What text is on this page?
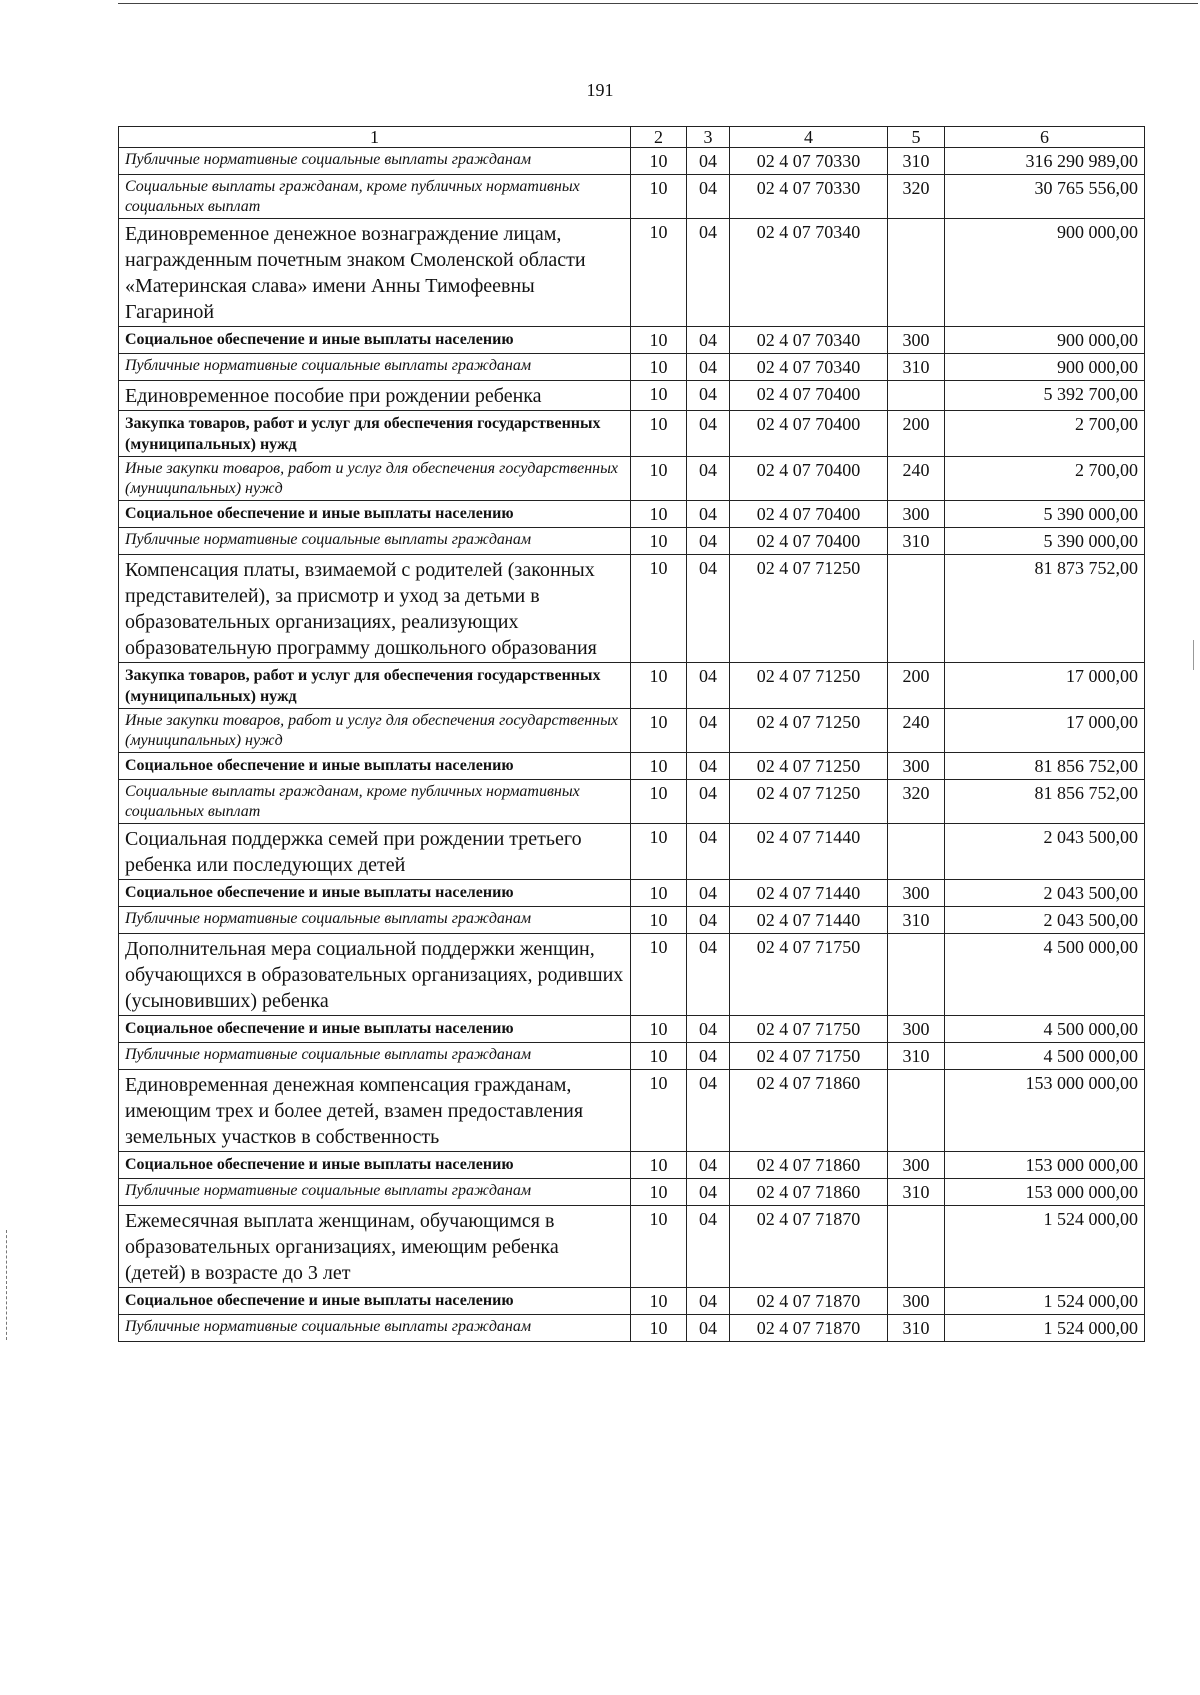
191
1	2	3	4	5	6

Публичные нормативные социальные выплаты гражданам	10	04	02 4 07 70330	310	316 290 989,00

Социальные выплаты гражданам, кроме публичных нормативных социальных выплат	10	04	02 4 07 70330	320	30 765 556,00

Единовременное денежное вознаграждение лицам, награжденным почетным знаком Смоленской области «Материнская слава» имени Анны Тимофеевны Гагариной	10	04	02 4 07 70340		900 000,00

Социальное обеспечение и иные выплаты населению	10	04	02 4 07 70340	300	900 000,00

Публичные нормативные социальные выплаты гражданам	10	04	02 4 07 70340	310	900 000,00

Единовременное пособие при рождении ребенка	10	04	02 4 07 70400		5 392 700,00

Закупка товаров, работ и услуг для обеспечения государственных (муниципальных) нужд	10	04	02 4 07 70400	200	2 700,00

Иные закупки товаров, работ и услуг для обеспечения государственных (муниципальных) нужд	10	04	02 4 07 70400	240	2 700,00

Социальное обеспечение и иные выплаты населению	10	04	02 4 07 70400	300	5 390 000,00

Публичные нормативные социальные выплаты гражданам	10	04	02 4 07 70400	310	5 390 000,00

Компенсация платы, взимаемой с родителей (законных представителей), за присмотр и уход за детьми в образовательных организациях, реализующих образовательную программу дошкольного образования	10	04	02 4 07 71250		81 873 752,00

Закупка товаров, работ и услуг для обеспечения государственных (муниципальных) нужд	10	04	02 4 07 71250	200	17 000,00

Иные закупки товаров, работ и услуг для обеспечения государственных (муниципальных) нужд	10	04	02 4 07 71250	240	17 000,00

Социальное обеспечение и иные выплаты населению	10	04	02 4 07 71250	300	81 856 752,00

Социальные выплаты гражданам, кроме публичных нормативных социальных выплат	10	04	02 4 07 71250	320	81 856 752,00

Социальная поддержка семей при рождении третьего ребенка или последующих детей	10	04	02 4 07 71440		2 043 500,00

Социальное обеспечение и иные выплаты населению	10	04	02 4 07 71440	300	2 043 500,00

Публичные нормативные социальные выплаты гражданам	10	04	02 4 07 71440	310	2 043 500,00

Дополнительная мера социальной поддержки женщин, обучающихся в образовательных организациях, родивших (усыновивших) ребенка	10	04	02 4 07 71750		4 500 000,00

Социальное обеспечение и иные выплаты населению	10	04	02 4 07 71750	300	4 500 000,00

Публичные нормативные социальные выплаты гражданам	10	04	02 4 07 71750	310	4 500 000,00

Единовременная денежная компенсация гражданам, имеющим трех и более детей, взамен предоставления земельных участков в собственность	10	04	02 4 07 71860		153 000 000,00

Социальное обеспечение и иные выплаты населению	10	04	02 4 07 71860	300	153 000 000,00

Публичные нормативные социальные выплаты гражданам	10	04	02 4 07 71860	310	153 000 000,00

Ежемесячная выплата женщинам, обучающимся в образовательных организациях, имеющим ребенка (детей) в возрасте до 3 лет	10	04	02 4 07 71870		1 524 000,00

Социальное обеспечение и иные выплаты населению	10	04	02 4 07 71870	300	1 524 000,00

Публичные нормативные социальные выплаты гражданам	10	04	02 4 07 71870	310	1 524 000,00
